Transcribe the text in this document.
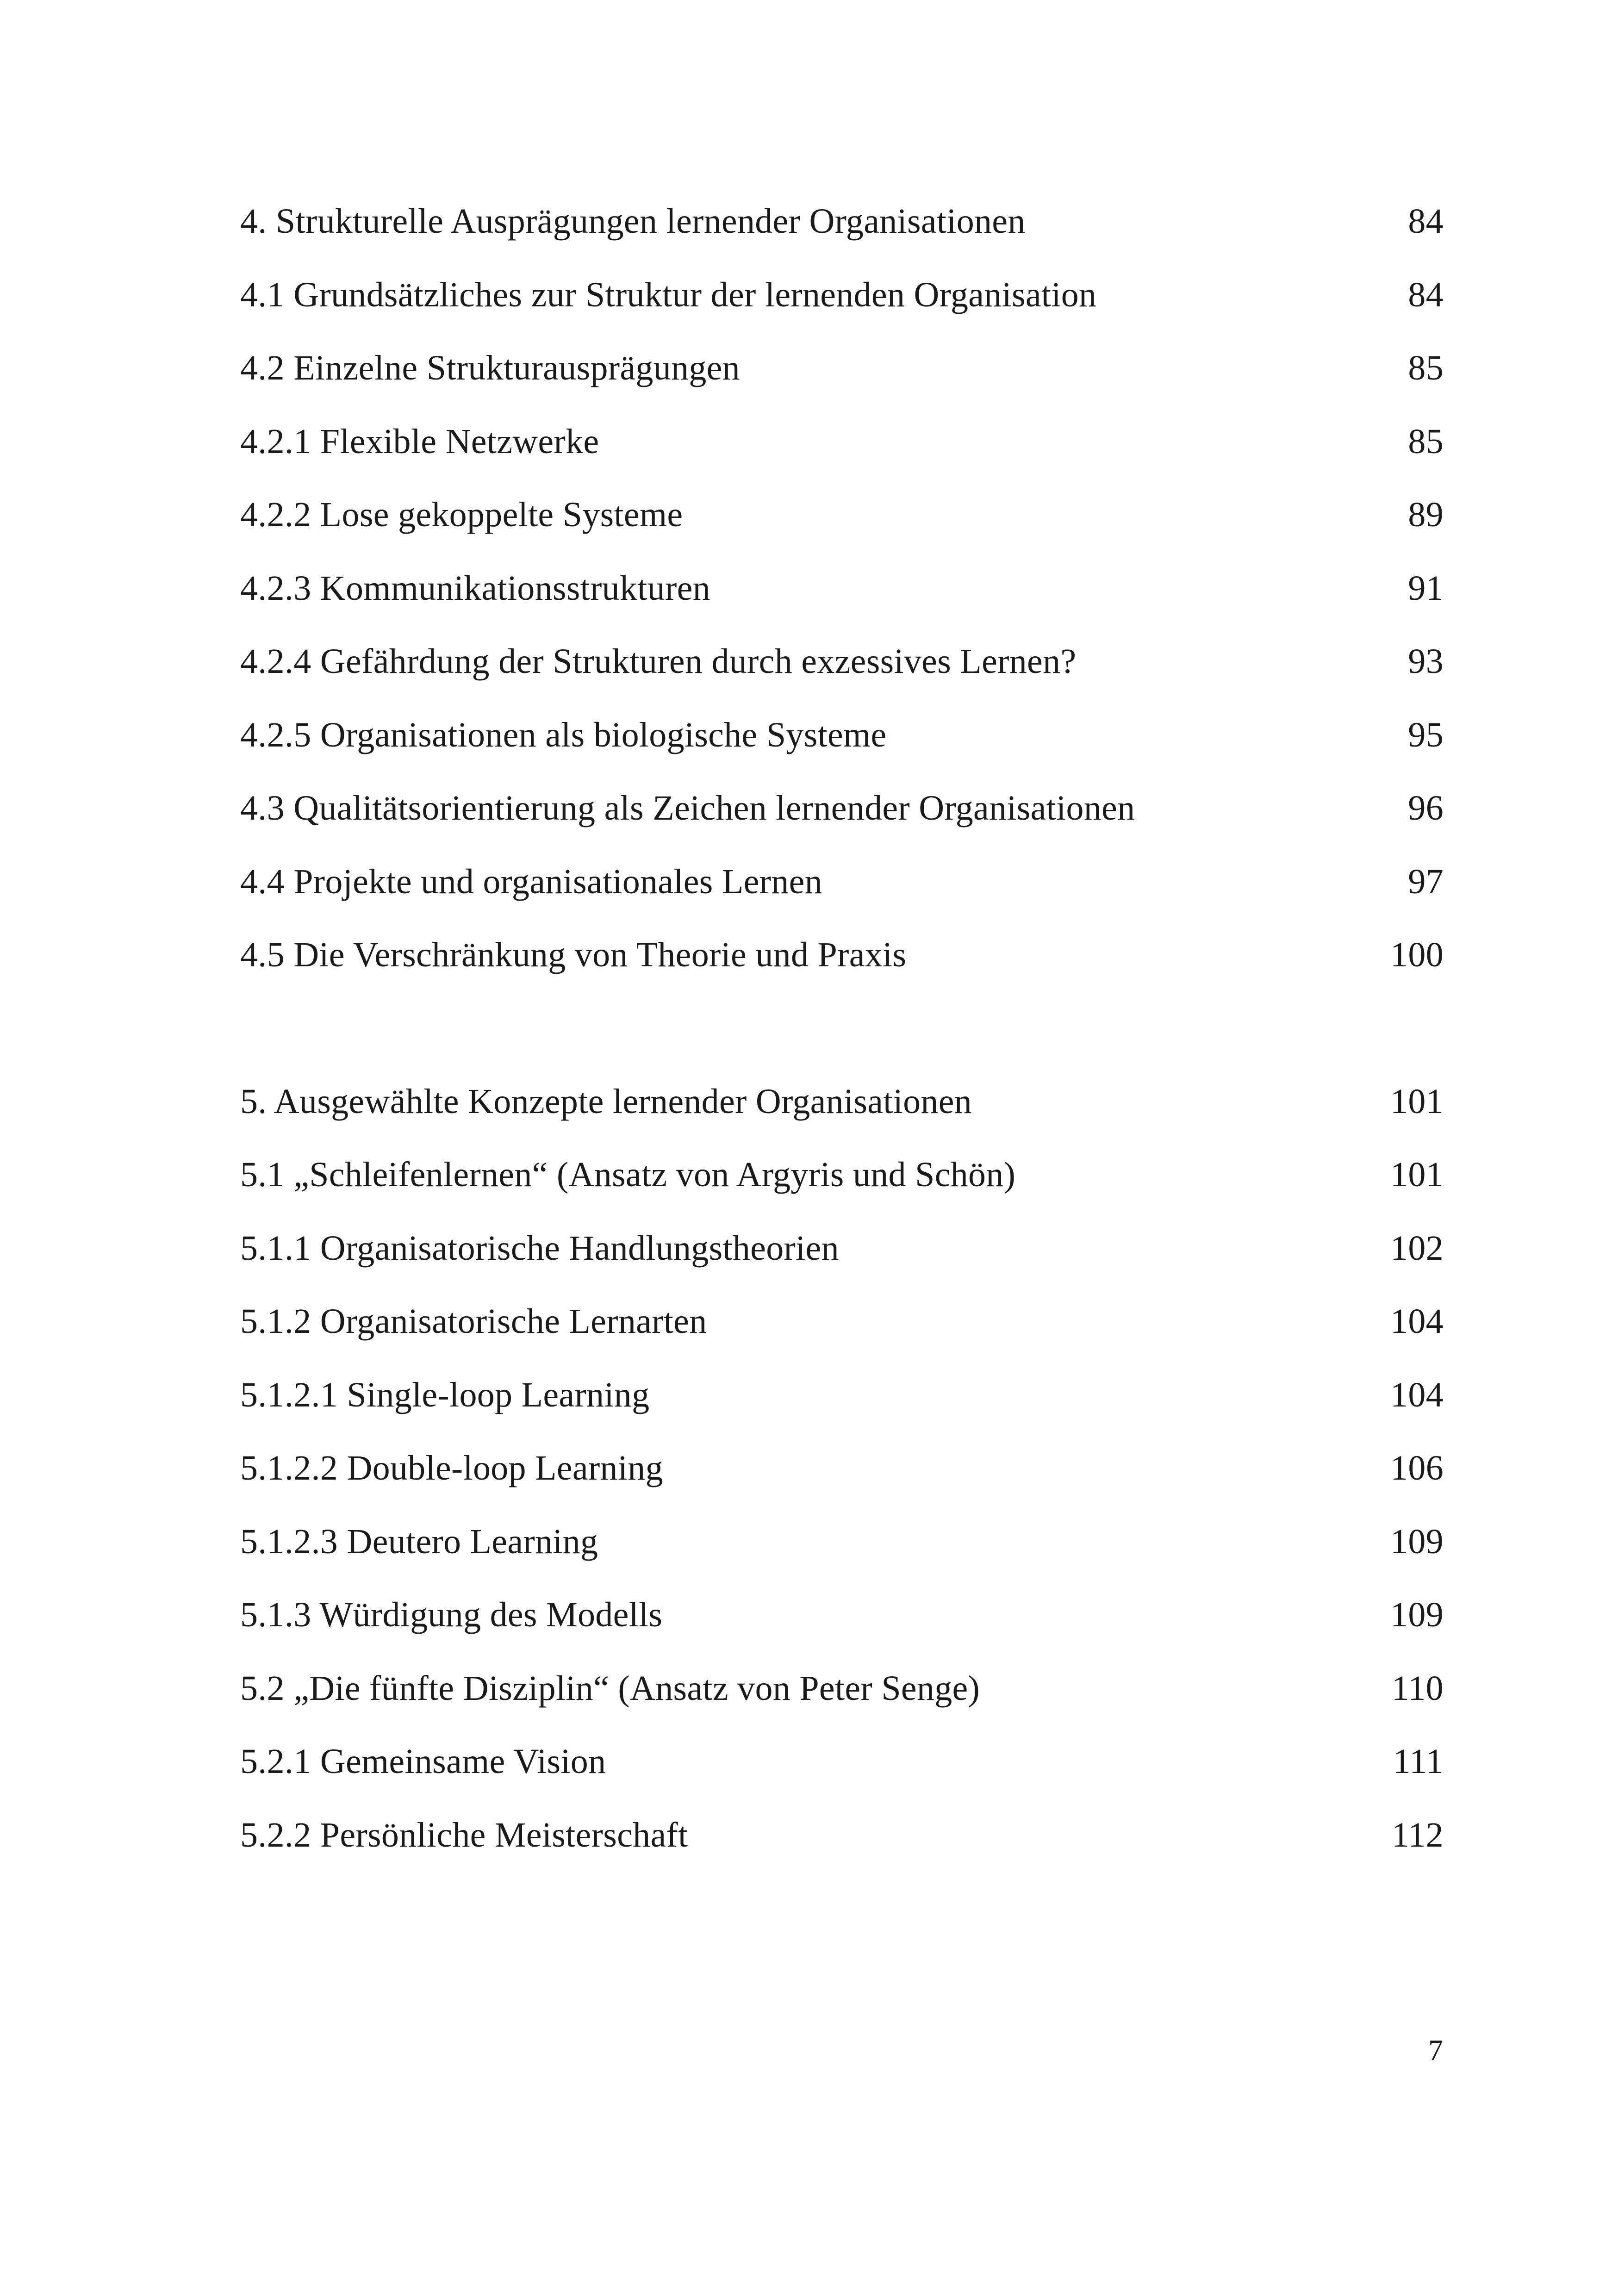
4. Strukturelle Ausprägungen lernender Organisationen	84
4.1 Grundsätzliches zur Struktur der lernenden Organisation	84
4.2 Einzelne Strukturausprägungen	85
4.2.1 Flexible Netzwerke	85
4.2.2 Lose gekoppelte Systeme	89
4.2.3 Kommunikationsstrukturen	91
4.2.4 Gefährdung der Strukturen durch exzessives Lernen?	93
4.2.5 Organisationen als biologische Systeme	95
4.3 Qualitätsorientierung als Zeichen lernender Organisationen	96
4.4 Projekte und organisationales Lernen	97
4.5 Die Verschränkung von Theorie und Praxis	100
5. Ausgewählte Konzepte lernender Organisationen	101
5.1 „Schleifenlernen“ (Ansatz von Argyris und Schön)	101
5.1.1 Organisatorische Handlungstheorien	102
5.1.2 Organisatorische Lernarten	104
5.1.2.1 Single-loop Learning	104
5.1.2.2 Double-loop Learning	106
5.1.2.3 Deutero Learning	109
5.1.3 Würdigung des Modells	109
5.2 „Die fünfte Disziplin“ (Ansatz von Peter Senge)	110
5.2.1 Gemeinsame Vision	111
5.2.2 Persönliche Meisterschaft	112
7
